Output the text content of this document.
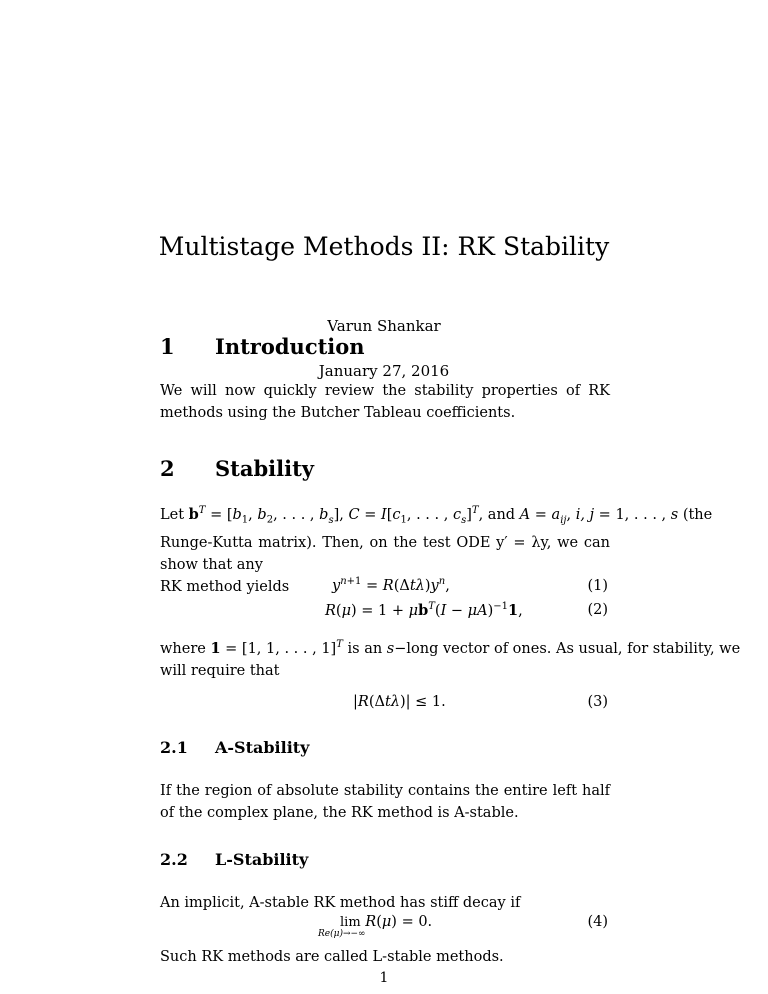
Multistage Methods II: RK Stability
Varun Shankar
January 27, 2016
1 Introduction
We will now quickly review the stability properties of RK methods using the Butcher Tableau coefficients.
2 Stability
Let $b^T = [b_1$, $b_2$, . . . , $b_s$], $C = I[c_1$, . . . , $c_s]^T$, and $A = a_{ij}$, i, j = 1, . . . , s (the
Runge-Kutta matrix). Then, on the test ODE y′ = λy, we can show that any
RK method yields	$y^{n+1} = R(\Delta t\lambda)y^n$,	(1)
$R(\mu) = 1 + \mu b^T(I - \mu A)^{-1}1$,	(2)
where 1 = [1, 1, . . . , 1]$^T$ is an s−long vector of ones. As usual, for stability, we
will require that
|R(Δtλ)| ≤ 1.	(3)
2.1 A-Stability
If the region of absolute stability contains the entire left half of the complex plane, the RK method is A-stable.
2.2 L-Stability
An implicit, A-stable RK method has stiff decay if
lim R(μ) = 0.
Re(μ)→−∞
(4)
Such RK methods are called L-stable methods.
1
